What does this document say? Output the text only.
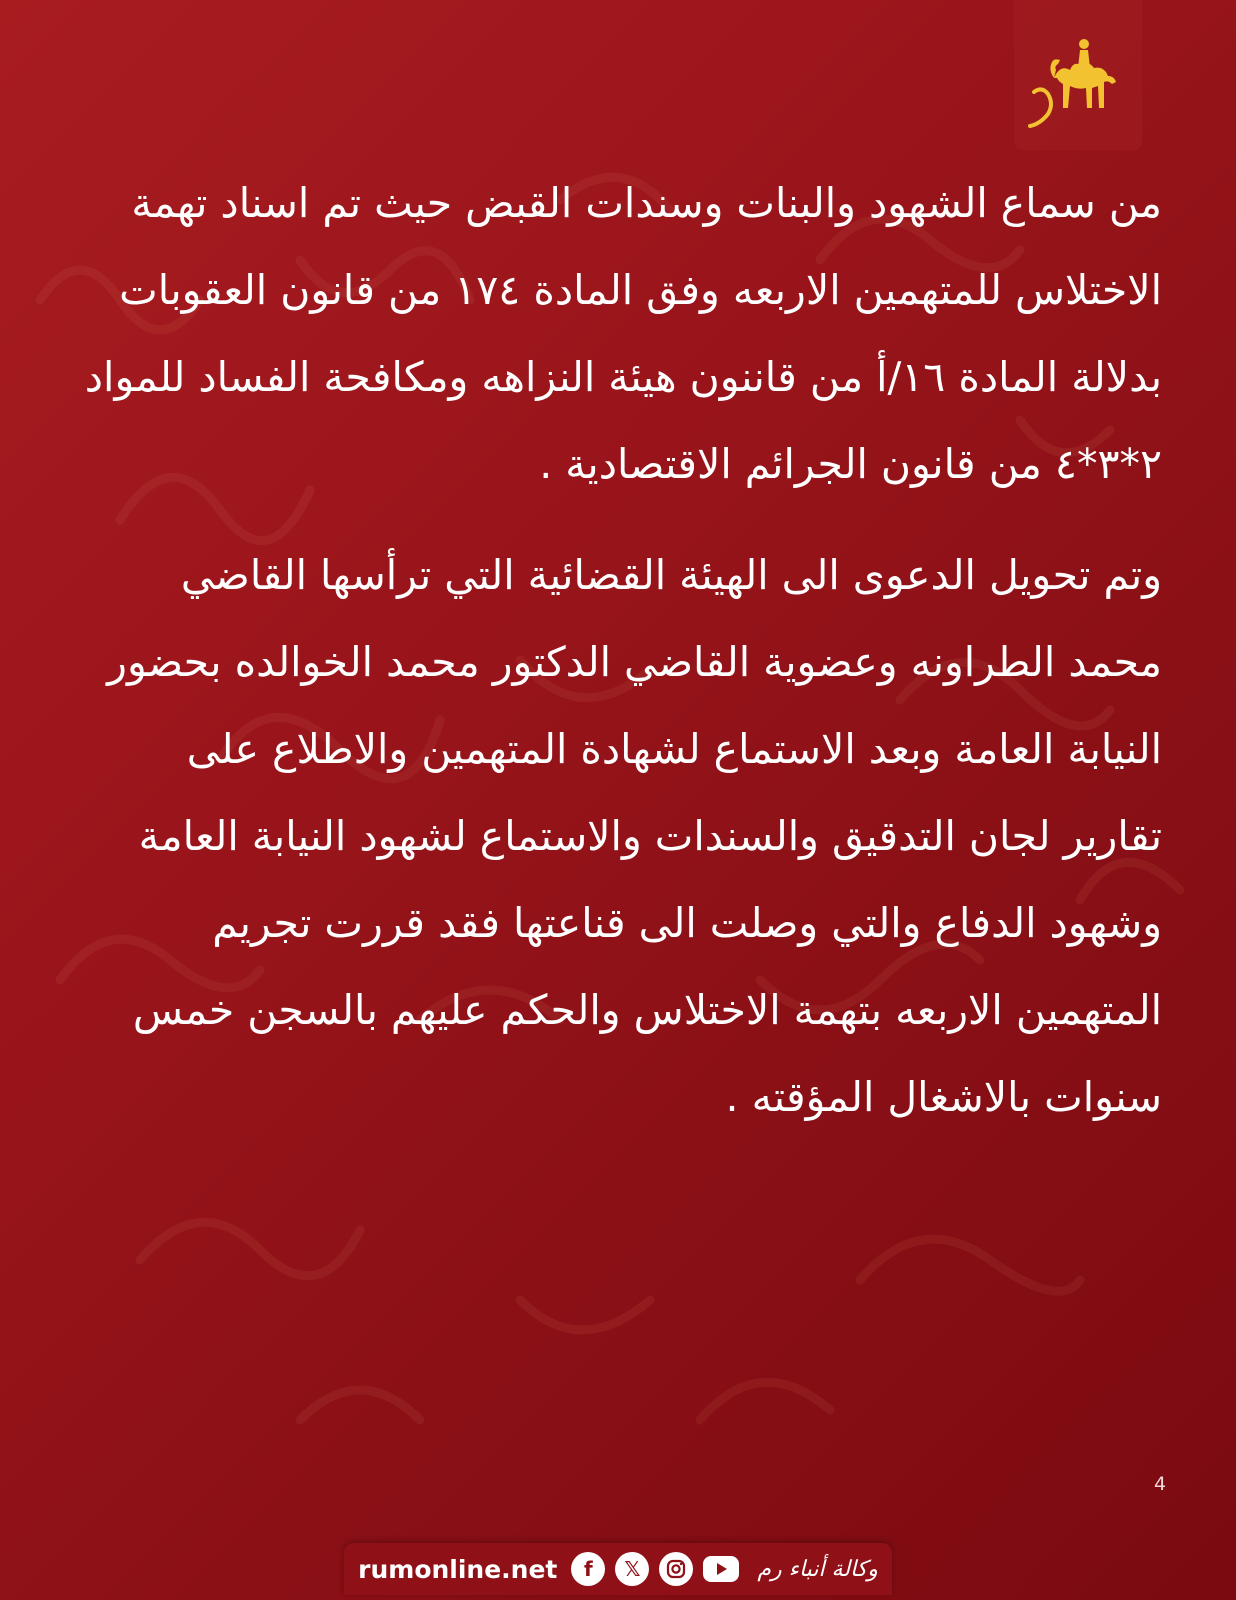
من سماع الشهود والبنات وسندات القبض حيث تم اسناد تهمة الاختلاس للمتهمين الاربعه وفق المادة ١٧٤ من قانون العقوبات بدلالة المادة ١٦/أ من قاننون هيئة النزاهه ومكافحة الفساد للمواد ٢*٣*٤ من قانون الجرائم الاقتصادية .

وتم تحويل الدعوى الى الهيئة القضائية التي ترأسها القاضي محمد الطراونه وعضوية القاضي الدكتور محمد الخوالده بحضور النيابة العامة وبعد الاستماع لشهادة المتهمين والاطلاع على تقارير لجان التدقيق والسندات والاستماع لشهود النيابة العامة وشهود الدفاع والتي وصلت الى قناعتها فقد قررت تجريم المتهمين الاربعه بتهمة الاختلاس والحكم عليهم بالسجن خمس سنوات بالاشغال المؤقته .

4
rumonline.net	f	𝕏	وكالة أنباء رم
